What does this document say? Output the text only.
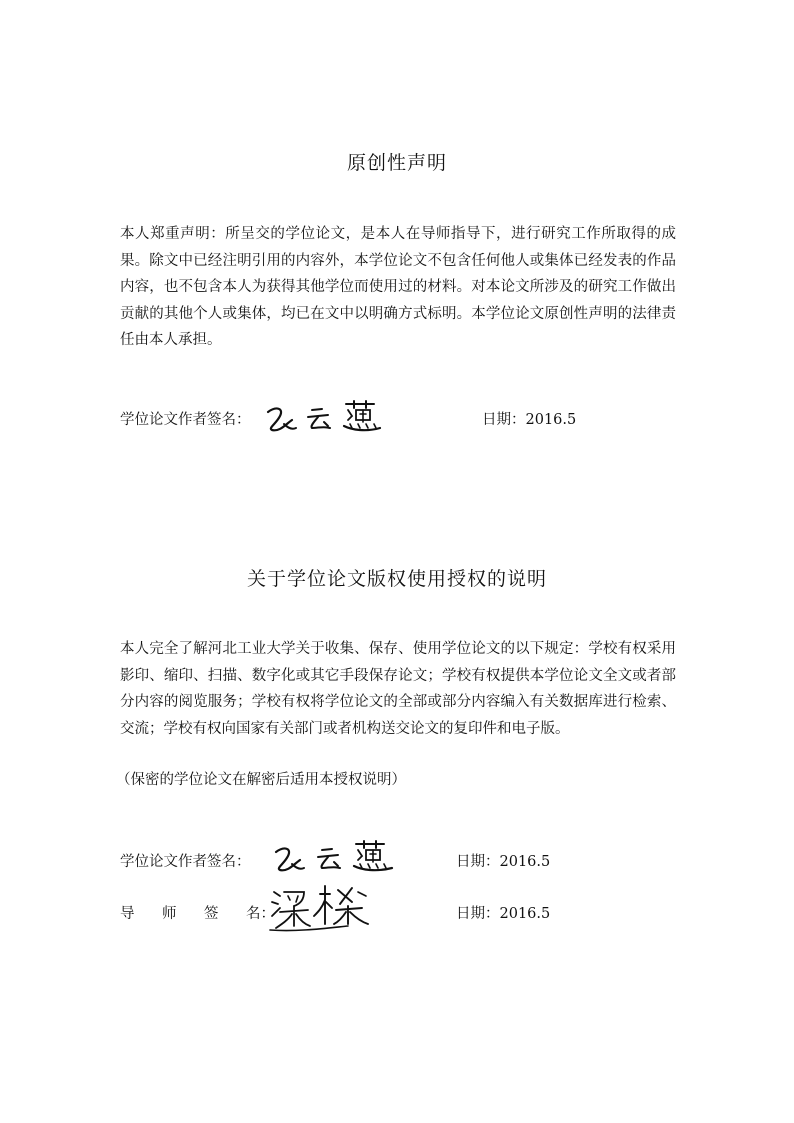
原创性声明

本人郑重声明：所呈交的学位论文，是本人在导师指导下，进行研究工作所取得的成果。除文中已经注明引用的内容外，本学位论文不包含任何他人或集体已经发表的作品内容，也不包含本人为获得其他学位而使用过的材料。对本论文所涉及的研究工作做出贡献的其他个人或集体，均已在文中以明确方式标明。本学位论文原创性声明的法律责任由本人承担。

学位论文作者签名：	日期：2016.5
关于学位论文版权使用授权的说明

本人完全了解河北工业大学关于收集、保存、使用学位论文的以下规定：学校有权采用影印、缩印、扫描、数字化或其它手段保存论文；学校有权提供本学位论文全文或者部分内容的阅览服务；学校有权将学位论文的全部或部分内容编入有关数据库进行检索、交流；学校有权向国家有关部门或者机构送交论文的复印件和电子版。

（保密的学位论文在解密后适用本授权说明）

学位论文作者签名：	日期：2016.5
导 师 签 名：	日期：2016.5
